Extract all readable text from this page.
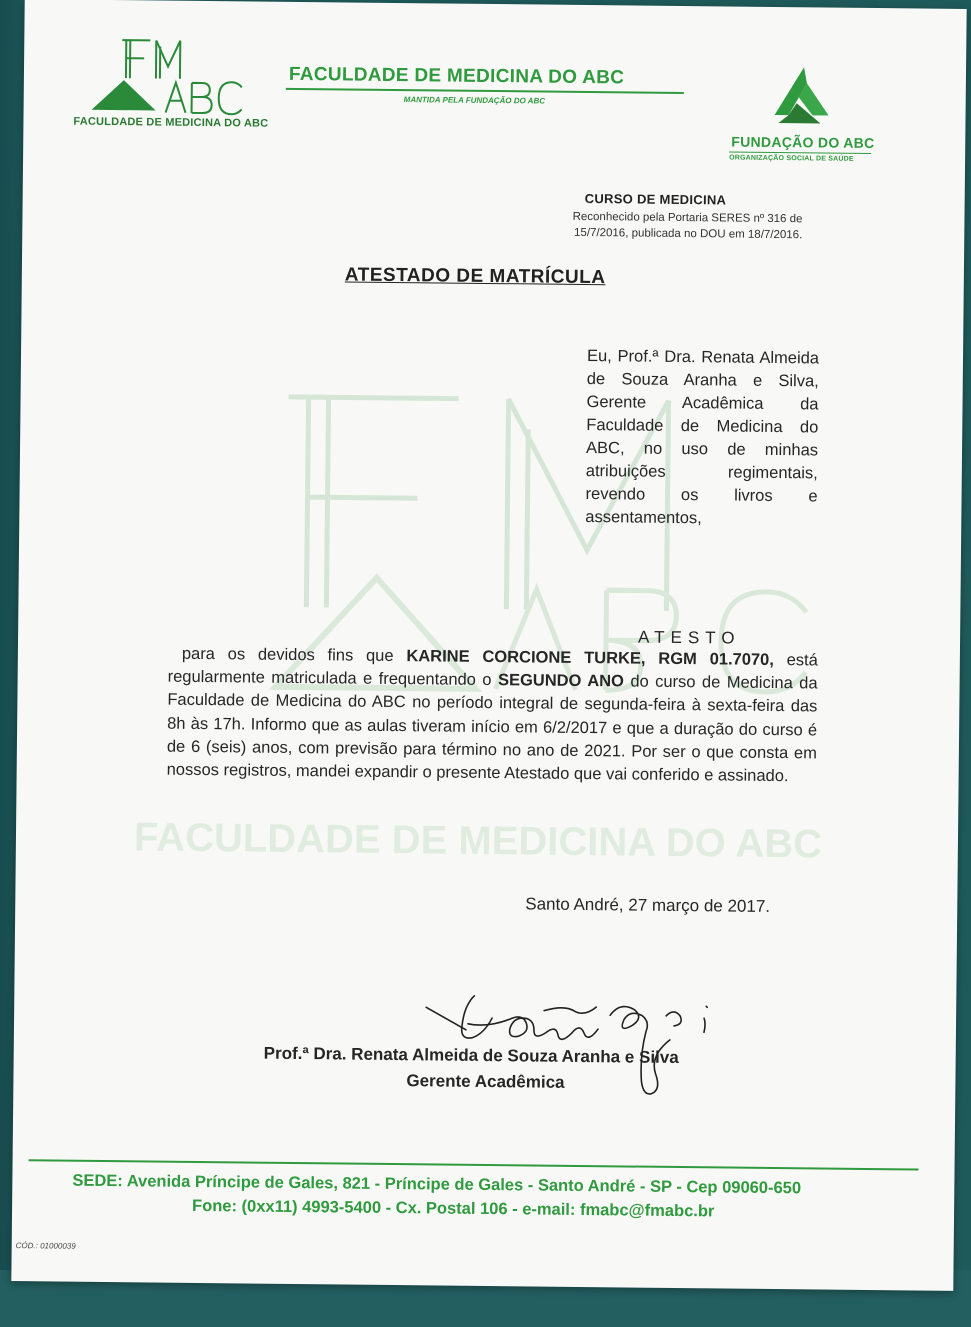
FACULDADE DE MEDICINA DO ABC
FACULDADE DE MEDICINA DO ABC
MANTIDA PELA FUNDAÇÃO DO ABC
FUNDAÇÃO DO ABC
ORGANIZAÇÃO SOCIAL DE SAÚDE
CURSO DE MEDICINA
Reconhecido pela Portaria SERES nº 316 de 15/7/2016, publicada no DOU em 18/7/2016.
ATESTADO DE MATRÍCULA
FACULDADE DE MEDICINA DO ABC
Eu, Prof.ª Dra. Renata Almeida de Souza Aranha e Silva, Gerente Acadêmica da Faculdade de Medicina do ABC, no uso de minhas atribuições regimentais, revendo os livros e assentamentos,
ATESTO
para os devidos fins que KARINE CORCIONE TURKE, RGM 01.7070, está regularmente matriculada e frequentando o SEGUNDO ANO do curso de Medicina da Faculdade de Medicina do ABC no período integral de segunda-feira à sexta-feira das 8h às 17h. Informo que as aulas tiveram início em 6/2/2017 e que a duração do curso é de 6 (seis) anos, com previsão para término no ano de 2021. Por ser o que consta em nossos registros, mandei expandir o presente Atestado que vai conferido e assinado.
Santo André, 27 março de 2017.
Prof.ª Dra. Renata Almeida de Souza Aranha e Silva
Gerente Acadêmica
SEDE: Avenida Príncipe de Gales, 821 - Príncipe de Gales - Santo André - SP - Cep 09060-650
Fone: (0xx11) 4993-5400 - Cx. Postal 106 - e-mail: fmabc@fmabc.br
CÓD.: 01000039
